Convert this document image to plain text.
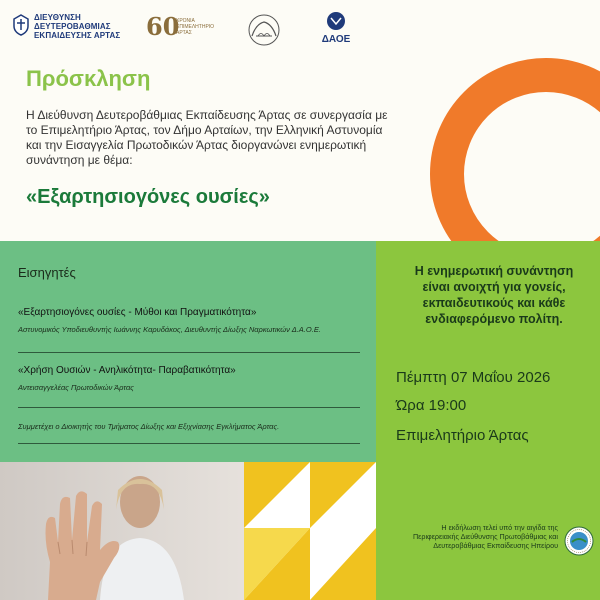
ΔΙΕΥΘΥΝΣΗ
ΔΕΥΤΕΡΟΒΑΘΜΙΑΣ
ΕΚΠΑΙΔΕΥΣΗΣ ΑΡΤΑΣ 60
ΧΡΟΝΙΑ ΕΠΙΜΕΛΗΤΗΡΙΟ ΑΡΤΑΣ
ΔΑΟΕ
Πρόσκληση
Η Διεύθυνση Δευτεροβάθμιας Εκπαίδευσης Άρτας σε συνεργασία με
το Επιμελητήριο Άρτας, τον Δήμο Αρταίων, την Ελληνική Αστυνομία
και την Εισαγγελία Πρωτοδικών Άρτας διοργανώνει ενημερωτική
συνάντηση με θέμα:
«Εξαρτησιογόνες ουσίες»
Εισηγητές
«Εξαρτησιογόνες ουσίες - Μύθοι και Πραγματικότητα»
Αστυνομικός Υποδιευθυντής Ιωάννης Καρυδάκος, Διευθυντής Δίωξης Ναρκωτικών Δ.Α.Ο.Ε.
«Χρήση Ουσιών - Ανηλικότητα- Παραβατικότητα»
Αντεισαγγελέας Πρωτοδικών Άρτας
Συμμετέχει ο Διοικητής του Τμήματος Δίωξης και Εξιχνίασης Εγκλήματος Άρτας.
Η ενημερωτική συνάντηση
είναι ανοιχτή για γονείς,
εκπαιδευτικούς και κάθε
ενδιαφερόμενο πολίτη.
Πέμπτη 07 Μαΐου 2026
Ώρα 19:00
Επιμελητήριο Άρτας
Η εκδήλωση τελεί υπό την αιγίδα της
Περιφερειακής Διεύθυνσης Πρωτοβάθμιας και
Δευτεροβάθμιας Εκπαίδευσης Ηπείρου
